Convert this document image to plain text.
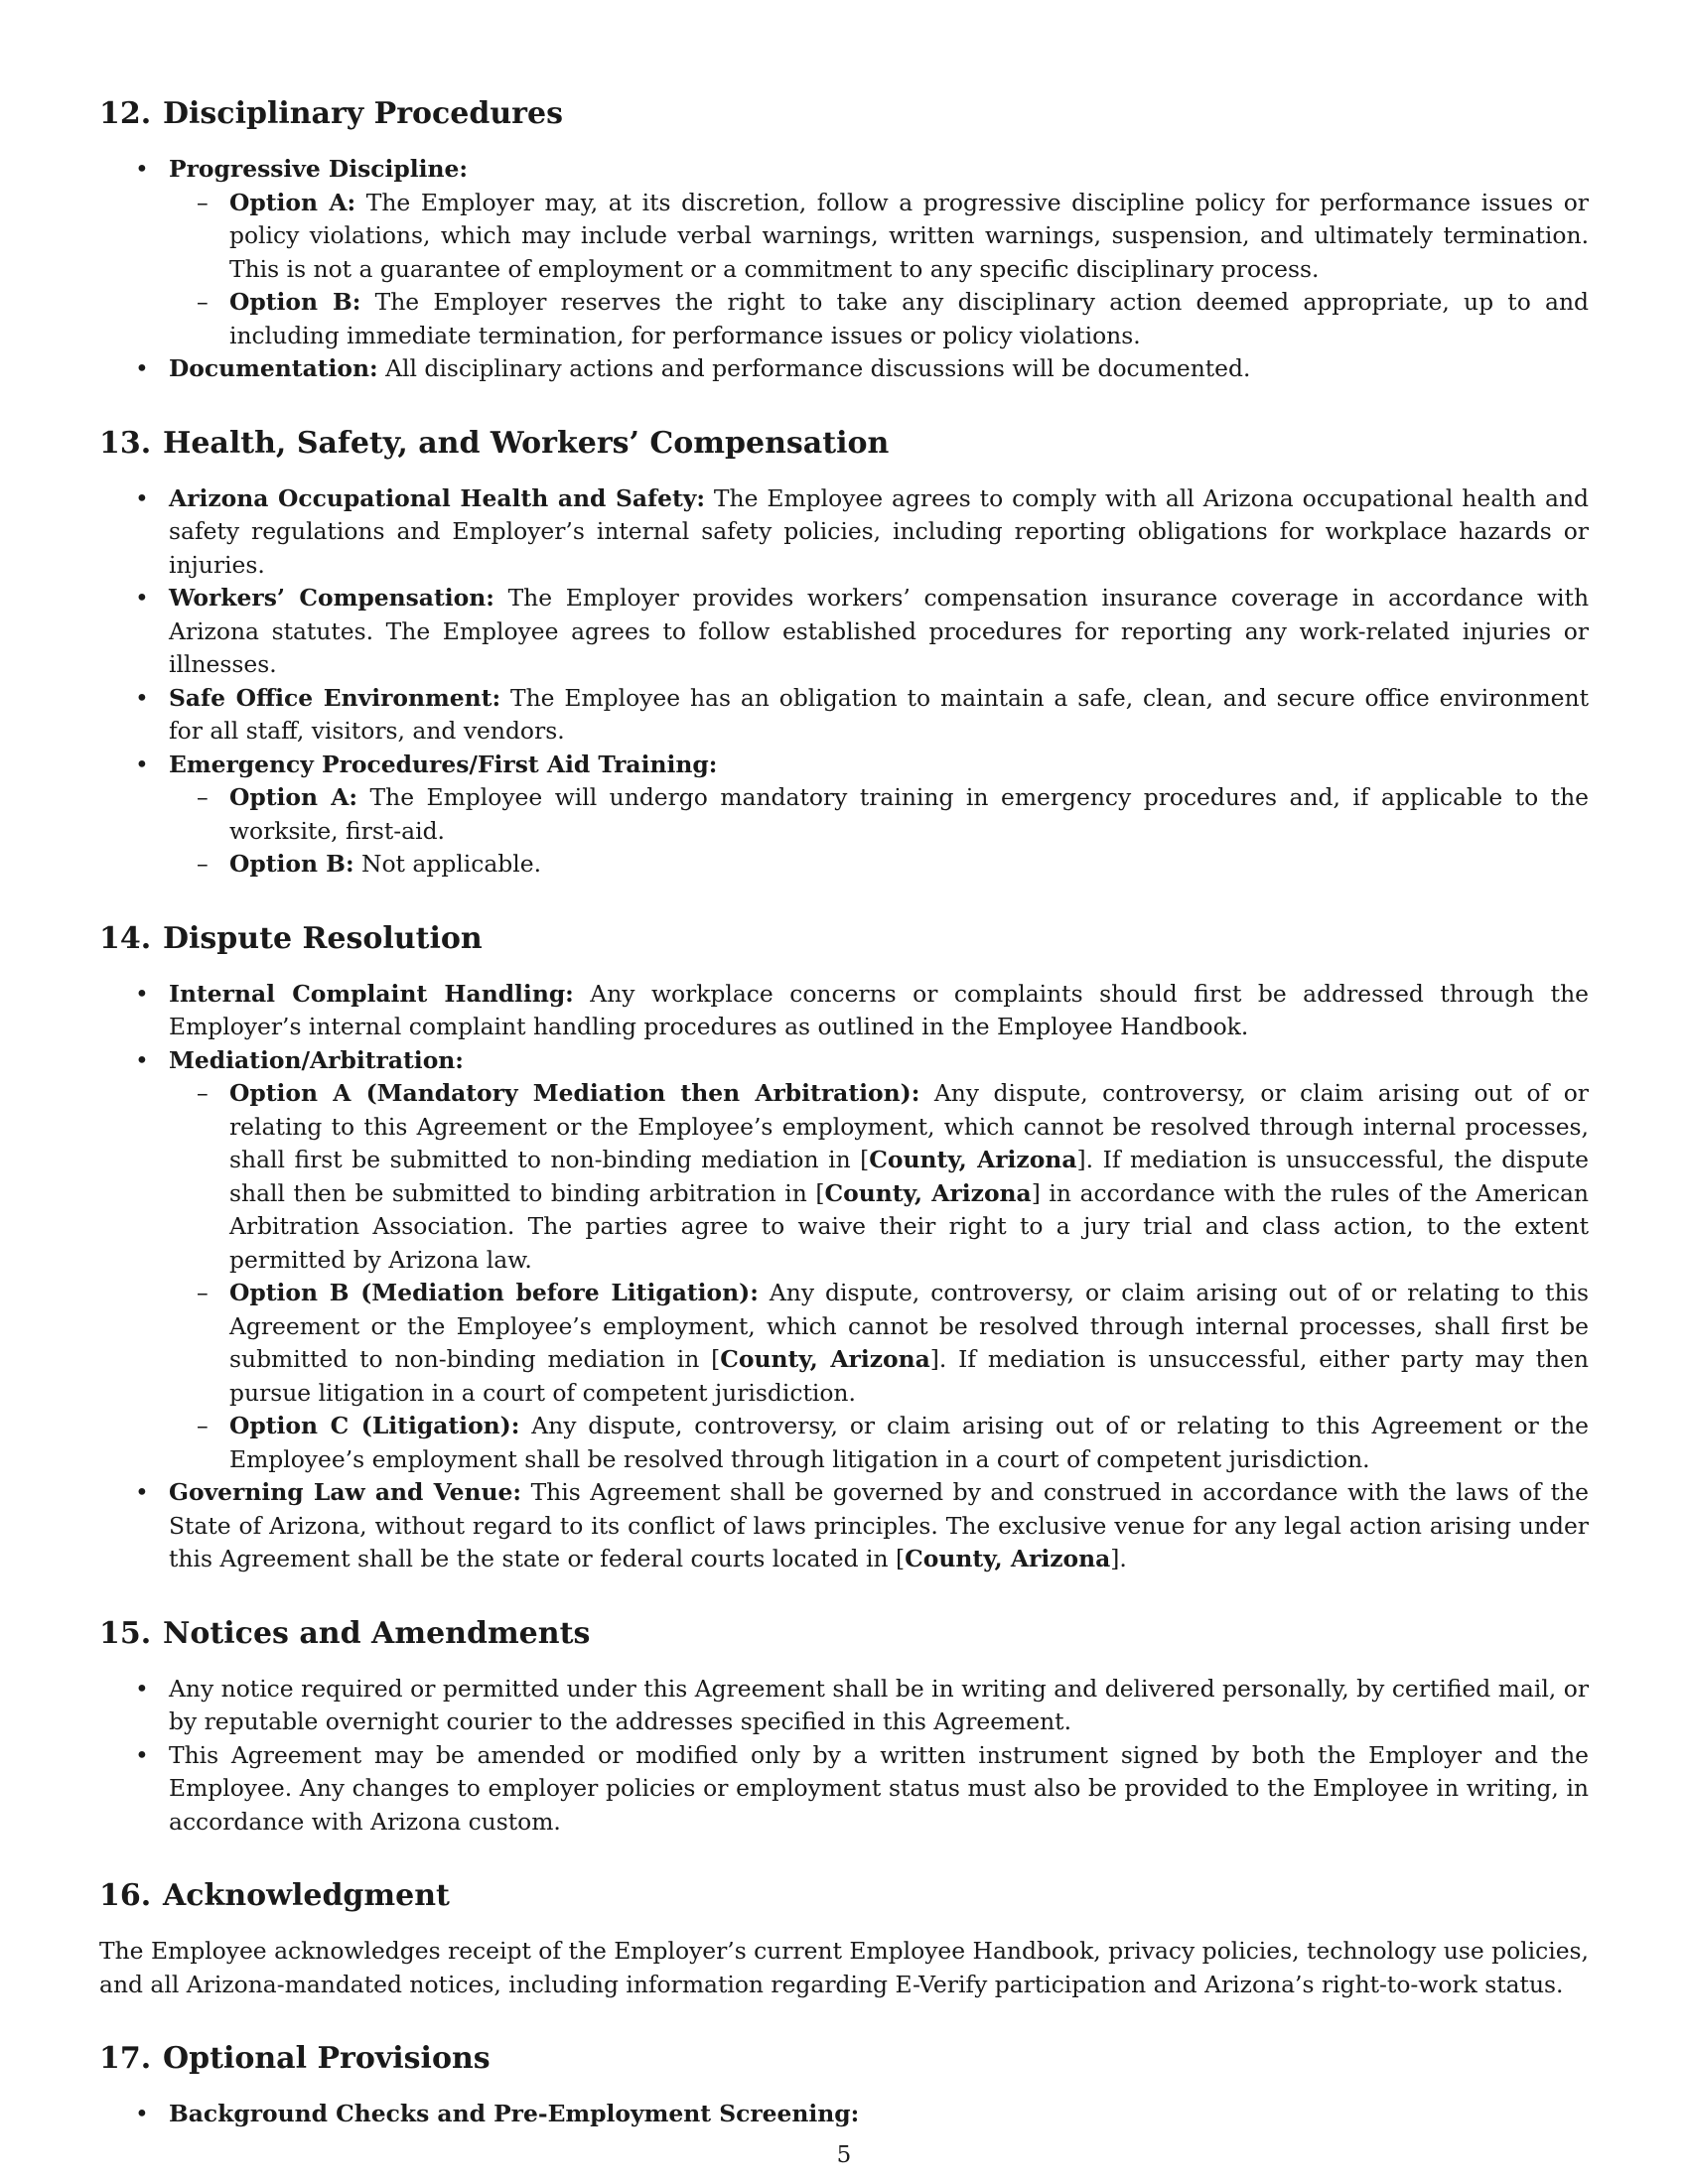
12. Disciplinary Procedures
• Progressive Discipline:
– Option A: The Employer may, at its discretion, follow a progressive discipline policy for performance issues or policy violations, which may include verbal warnings, written warnings, suspension, and ultimately termination. This is not a guarantee of employment or a commitment to any specific disciplinary process.
– Option B: The Employer reserves the right to take any disciplinary action deemed appropriate, up to and including immediate termination, for performance issues or policy violations.
• Documentation: All disciplinary actions and performance discussions will be documented.
13. Health, Safety, and Workers’ Compensation
• Arizona Occupational Health and Safety: The Employee agrees to comply with all Arizona occupational health and safety regulations and Employer’s internal safety policies, including reporting obligations for workplace hazards or injuries.
• Workers’ Compensation: The Employer provides workers’ compensation insurance coverage in accordance with Arizona statutes. The Employee agrees to follow established procedures for reporting any work-related injuries or illnesses.
• Safe Office Environment: The Employee has an obligation to maintain a safe, clean, and secure office environment for all staff, visitors, and vendors.
• Emergency Procedures/First Aid Training:
– Option A: The Employee will undergo mandatory training in emergency procedures and, if applicable to the worksite, first-aid.
– Option B: Not applicable.
14. Dispute Resolution
• Internal Complaint Handling: Any workplace concerns or complaints should first be addressed through the Employer’s internal complaint handling procedures as outlined in the Employee Handbook.
• Mediation/Arbitration:
– Option A (Mandatory Mediation then Arbitration): Any dispute, controversy, or claim arising out of or relating to this Agreement or the Employee’s employment, which cannot be resolved through internal processes, shall first be submitted to non-binding mediation in [County, Arizona]. If mediation is unsuccessful, the dispute shall then be submitted to binding arbitration in [County, Arizona] in accordance with the rules of the American Arbitration Association. The parties agree to waive their right to a jury trial and class action, to the extent permitted by Arizona law.
– Option B (Mediation before Litigation): Any dispute, controversy, or claim arising out of or relating to this Agreement or the Employee’s employment, which cannot be resolved through internal processes, shall first be submitted to non-binding mediation in [County, Arizona]. If mediation is unsuccessful, either party may then pursue litigation in a court of competent jurisdiction.
– Option C (Litigation): Any dispute, controversy, or claim arising out of or relating to this Agreement or the Employee’s employment shall be resolved through litigation in a court of competent jurisdiction.
• Governing Law and Venue: This Agreement shall be governed by and construed in accordance with the laws of the State of Arizona, without regard to its conflict of laws principles. The exclusive venue for any legal action arising under this Agreement shall be the state or federal courts located in [County, Arizona].
15. Notices and Amendments
• Any notice required or permitted under this Agreement shall be in writing and delivered personally, by certified mail, or by reputable overnight courier to the addresses specified in this Agreement.
• This Agreement may be amended or modified only by a written instrument signed by both the Employer and the Employee. Any changes to employer policies or employment status must also be provided to the Employee in writing, in accordance with Arizona custom.
16. Acknowledgment

The Employee acknowledges receipt of the Employer’s current Employee Handbook, privacy policies, technology use policies, and all Arizona-mandated notices, including information regarding E-Verify participation and Arizona’s right-to-work status.

17. Optional Provisions
• Background Checks and Pre-Employment Screening:
5
